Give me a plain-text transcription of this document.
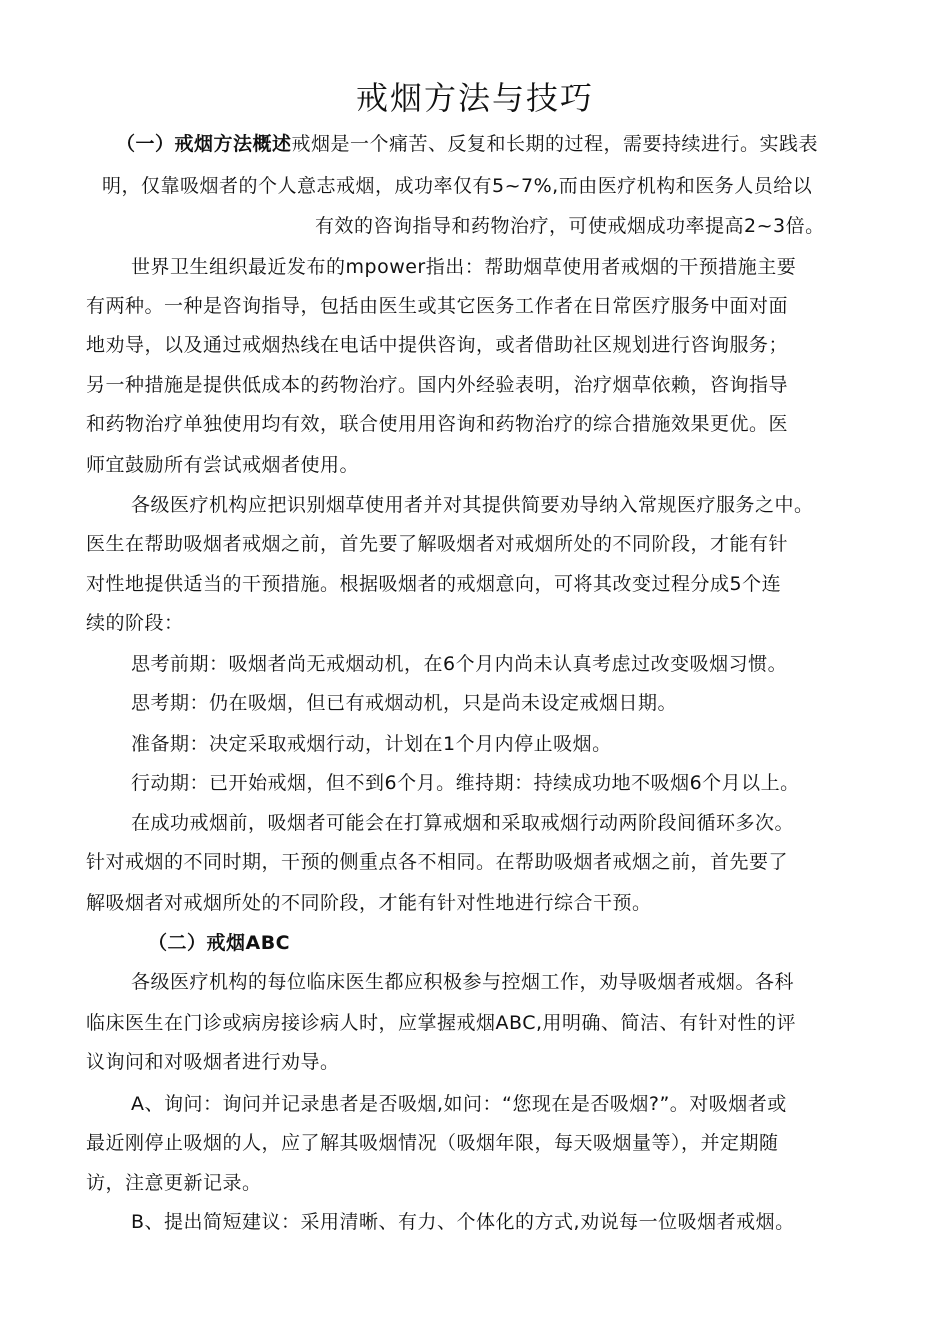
戒烟方法与技巧
（一）戒烟方法概述戒烟是一个痛苦、反复和长期的过程，需要持续进行。实践表
明，仅靠吸烟者的个人意志戒烟，成功率仅有5~7%,而由医疗机构和医务人员给以
有效的咨询指导和药物治疗，可使戒烟成功率提高2~3倍。
世界卫生组织最近发布的mpower指出：帮助烟草使用者戒烟的干预措施主要
有两种。一种是咨询指导，包括由医生或其它医务工作者在日常医疗服务中面对面
地劝导，以及通过戒烟热线在电话中提供咨询，或者借助社区规划进行咨询服务；
另一种措施是提供低成本的药物治疗。国内外经验表明，治疗烟草依赖，咨询指导
和药物治疗单独使用均有效，联合使用用咨询和药物治疗的综合措施效果更优。医
师宜鼓励所有尝试戒烟者使用。
各级医疗机构应把识别烟草使用者并对其提供简要劝导纳入常规医疗服务之中。
医生在帮助吸烟者戒烟之前，首先要了解吸烟者对戒烟所处的不同阶段，才能有针
对性地提供适当的干预措施。根据吸烟者的戒烟意向，可将其改变过程分成5个连
续的阶段：
思考前期：吸烟者尚无戒烟动机，在6个月内尚未认真考虑过改变吸烟习惯。
思考期：仍在吸烟，但已有戒烟动机，只是尚未设定戒烟日期。
准备期：决定采取戒烟行动，计划在1个月内停止吸烟。
行动期：已开始戒烟，但不到6个月。维持期：持续成功地不吸烟6个月以上。
在成功戒烟前，吸烟者可能会在打算戒烟和采取戒烟行动两阶段间循环多次。
针对戒烟的不同时期，干预的侧重点各不相同。在帮助吸烟者戒烟之前，首先要了
解吸烟者对戒烟所处的不同阶段，才能有针对性地进行综合干预。
（二）戒烟ABC
各级医疗机构的每位临床医生都应积极参与控烟工作，劝导吸烟者戒烟。各科
临床医生在门诊或病房接诊病人时，应掌握戒烟ABC,用明确、简洁、有针对性的评
议询问和对吸烟者进行劝导。
A、询问：询问并记录患者是否吸烟,如问：“您现在是否吸烟?”。对吸烟者或
最近刚停止吸烟的人，应了解其吸烟情况（吸烟年限，每天吸烟量等），并定期随
访，注意更新记录。
B、提出简短建议：采用清晰、有力、个体化的方式,劝说每一位吸烟者戒烟。
